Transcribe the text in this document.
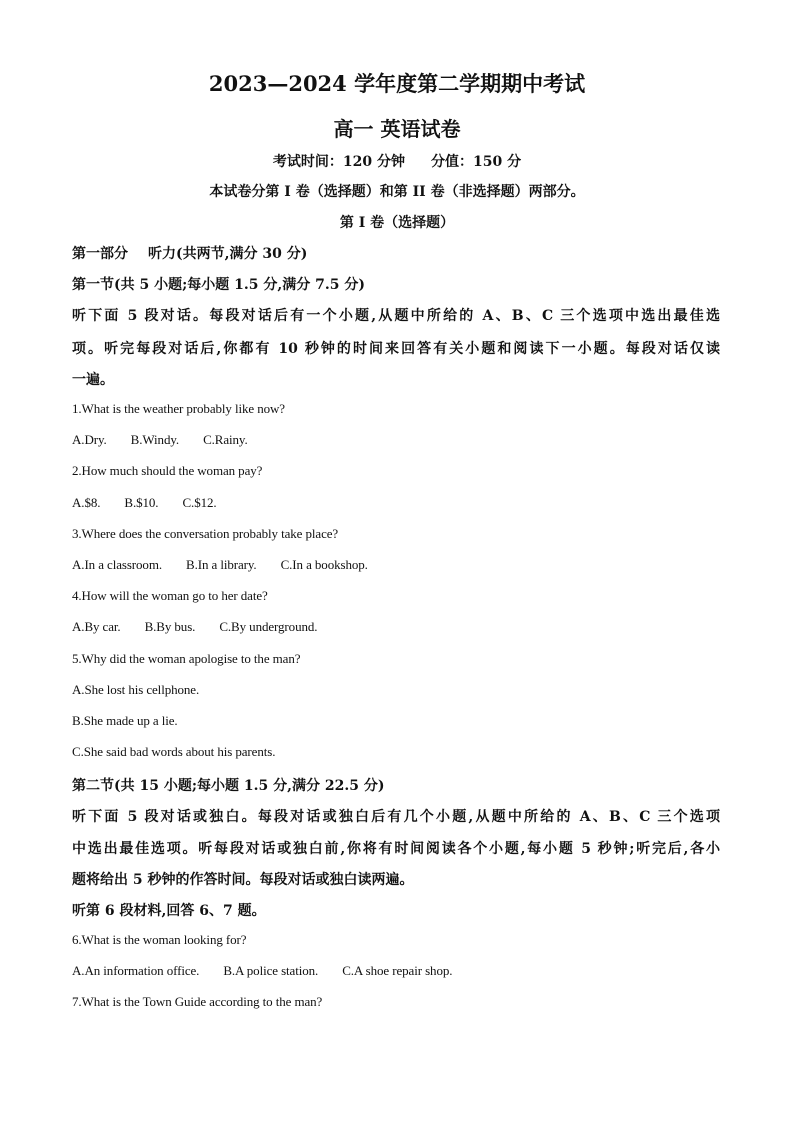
2023—2024 学年度第二学期期中考试
高一 英语试卷
考试时间：120 分钟 分值：150 分
本试卷分第 I 卷（选择题）和第 II 卷（非选择题）两部分。
第 I 卷（选择题）
第一部分 听力(共两节,满分 30 分)
第一节(共 5 小题;每小题 1.5 分,满分 7.5 分)
听下面 5 段对话。每段对话后有一个小题,从题中所给的 A、B、C 三个选项中选出最佳选
项。听完每段对话后,你都有 10 秒钟的时间来回答有关小题和阅读下一小题。每段对话仅读
一遍。
1.What is the weather probably like now?
A.Dry. B.Windy. C.Rainy.
2.How much should the woman pay?
A.$8. B.$10. C.$12.
3.Where does the conversation probably take place?
A.In a classroom. B.In a library. C.In a bookshop.
4.How will the woman go to her date?
A.By car. B.By bus. C.By underground.
5.Why did the woman apologise to the man?
A.She lost his cellphone.
B.She made up a lie.
C.She said bad words about his parents.
第二节(共 15 小题;每小题 1.5 分,满分 22.5 分)
听下面 5 段对话或独白。每段对话或独白后有几个小题,从题中所给的 A、B、C 三个选项
中选出最佳选项。听每段对话或独白前,你将有时间阅读各个小题,每小题 5 秒钟;听完后,各小
题将给出 5 秒钟的作答时间。每段对话或独白读两遍。
听第 6 段材料,回答 6、7 题。
6.What is the woman looking for?
A.An information office. B.A police station. C.A shoe repair shop.
7.What is the Town Guide according to the man?
